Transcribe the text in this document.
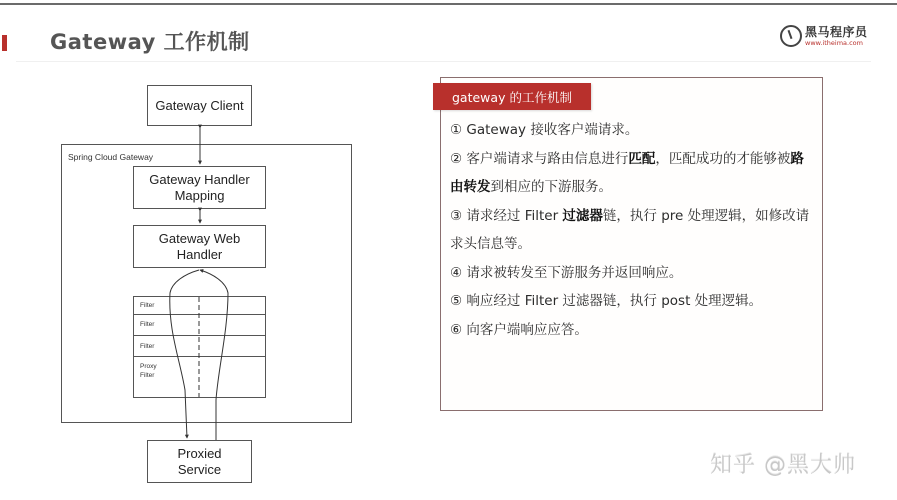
Gateway 工作机制	黑马程序员
www.itheima.com
Spring Cloud Gateway
Gateway Client
Gateway Handler
Mapping
Gateway Web
Handler
Filter
Filter
Filter
Proxy
Filter
Proxied
Service
gateway 的工作机制

① Gateway 接收客户端请求。

② 客户端请求与路由信息进行匹配，匹配成功的才能够被路由转发到相应的下游服务。

③ 请求经过 Filter 过滤器链，执行 pre 处理逻辑，如修改请求头信息等。

④ 请求被转发至下游服务并返回响应。

⑤ 响应经过 Filter 过滤器链，执行 post 处理逻辑。

⑥ 向客户端响应应答。

知乎 @黑大帅
